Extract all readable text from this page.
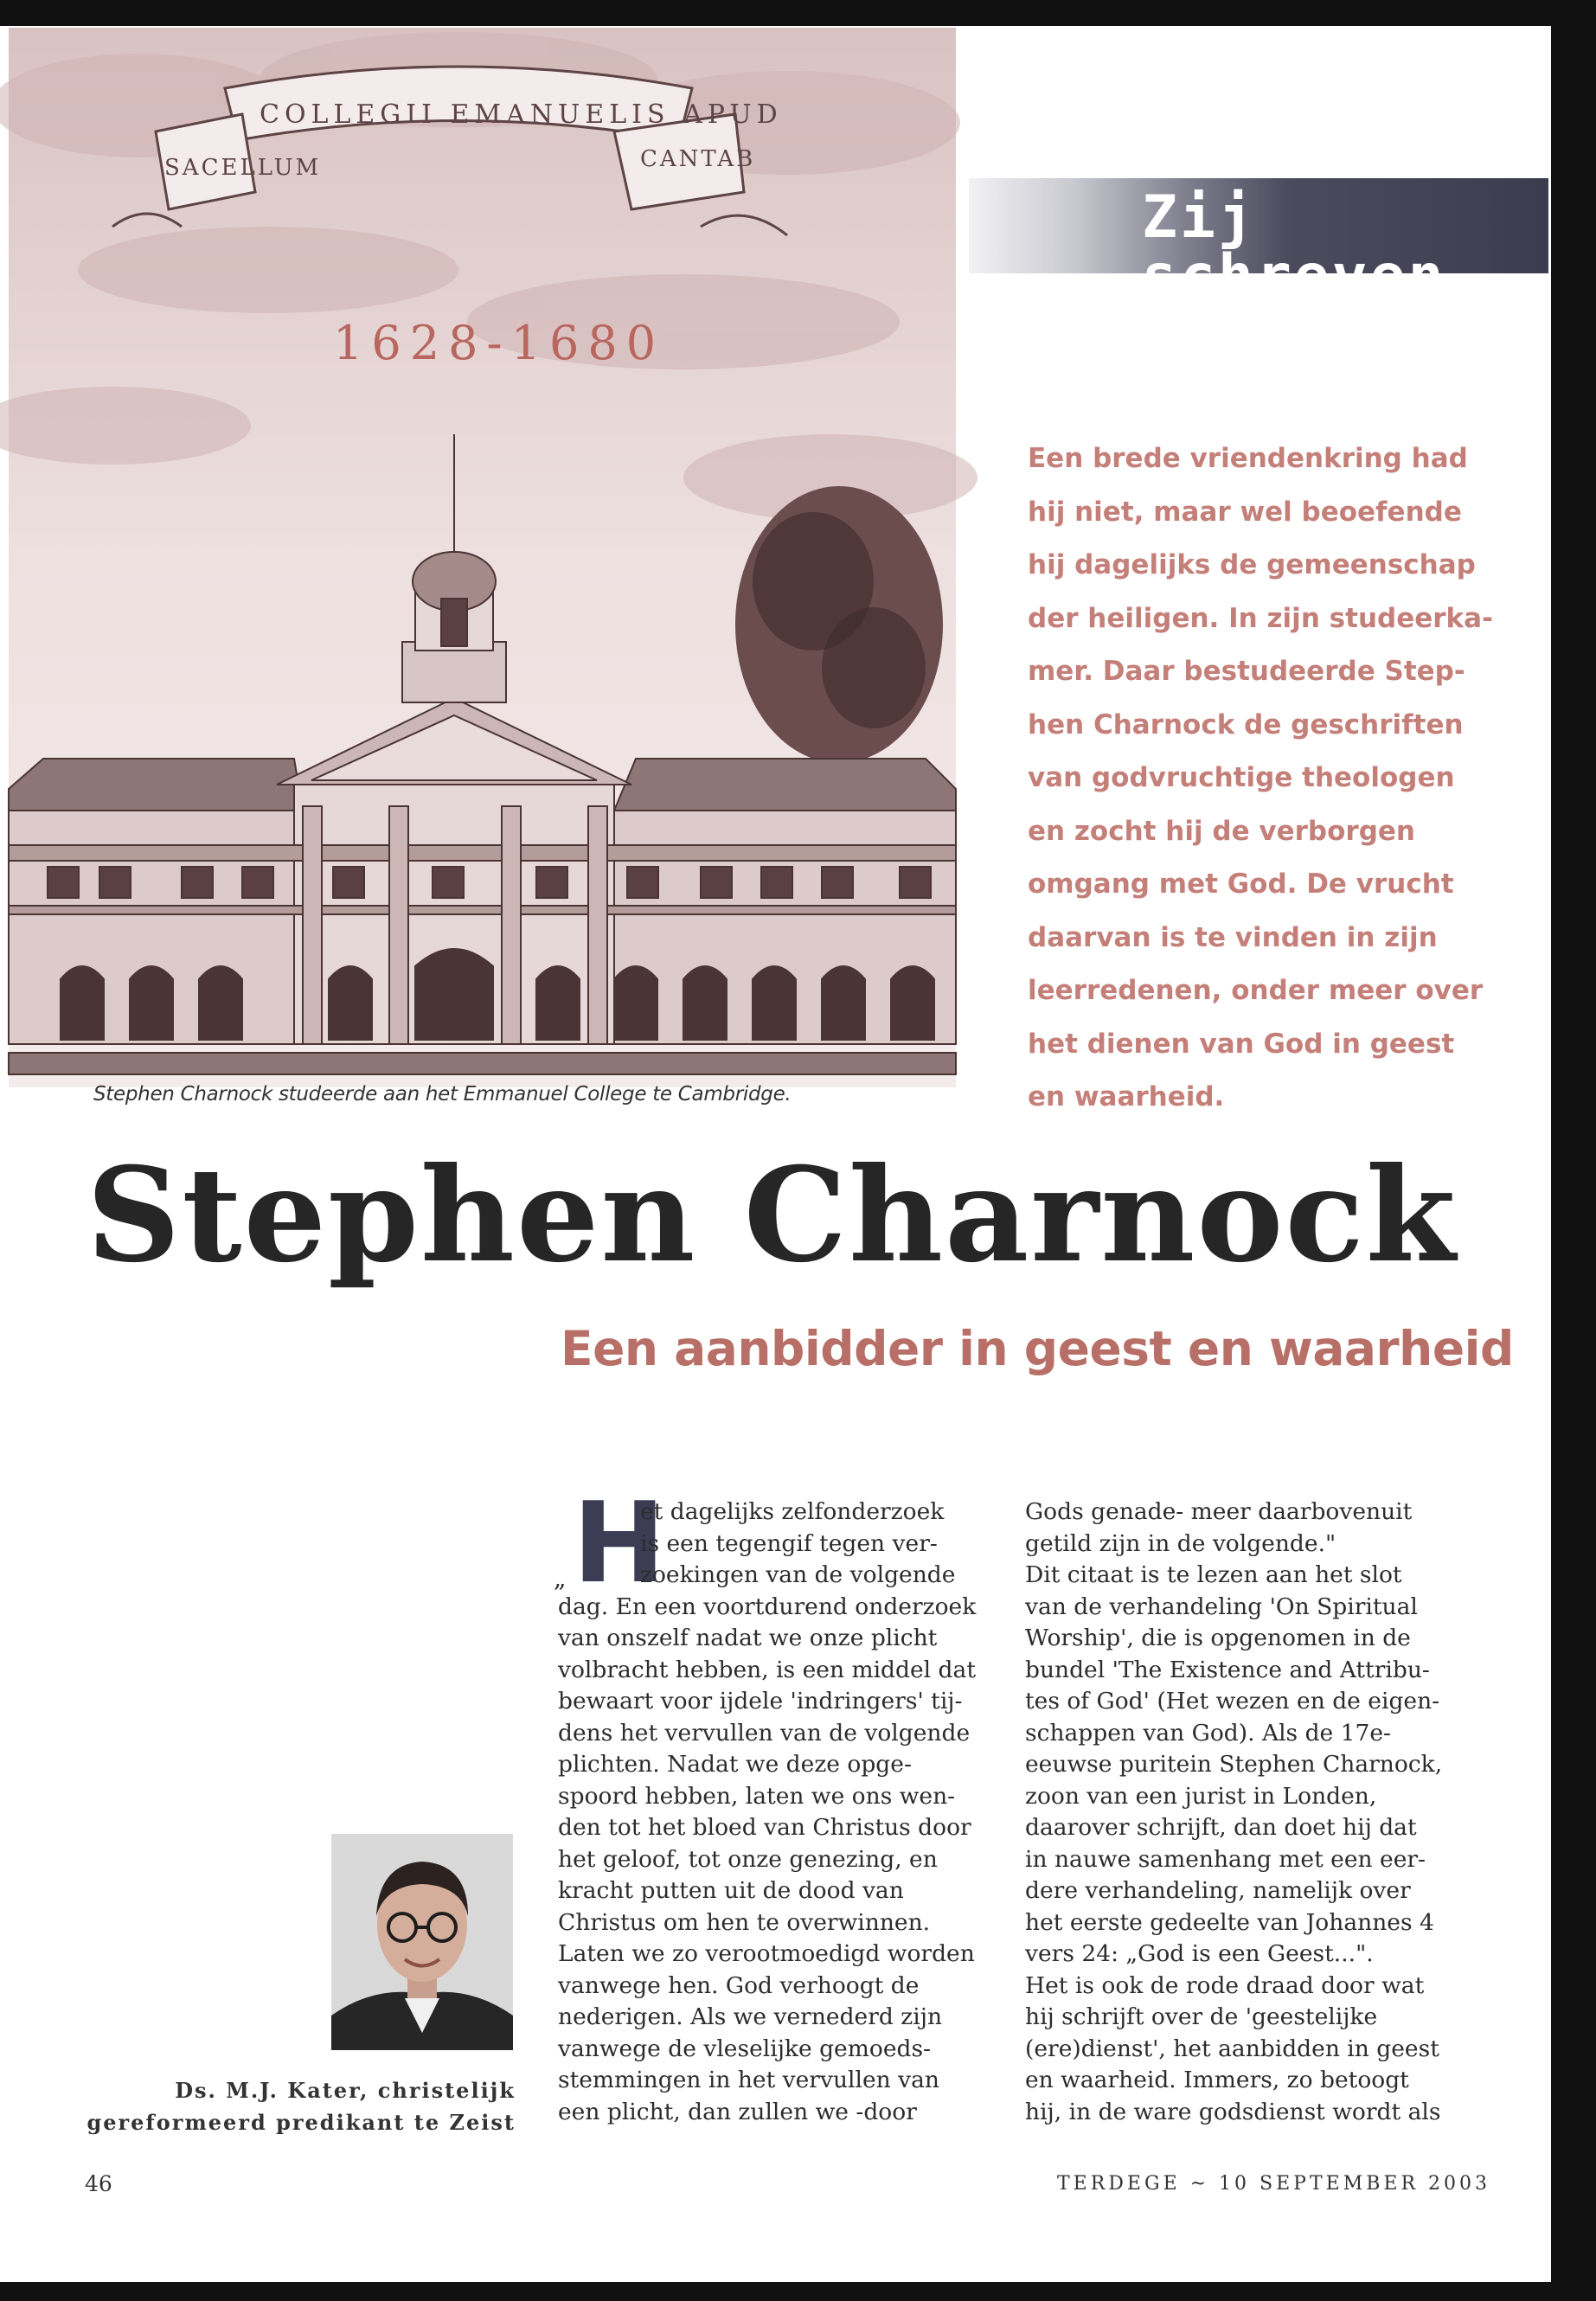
COLLEGII EMANUELIS APUD
SACELLUM	CANTAB
1628-1680
Stephen Charnock studeerde aan het Emmanuel College te Cambridge.
Zij schreven
Een brede vriendenkring had
hij niet, maar wel beoefende
hij dagelijks de gemeenschap
der heiligen. In zijn studeerka-
mer. Daar bestudeerde Step-
hen Charnock de geschriften
van godvruchtige theologen
en zocht hij de verborgen
omgang met God. De vrucht
daarvan is te vinden in zijn
leerredenen, onder meer over
het dienen van God in geest
en waarheid.
Stephen Charnock
Een aanbidder in geest en waarheid
H
„
et dagelijks zelfonderzoek
is een tegengif tegen ver-
zoekingen van de volgende
dag. En een voortdurend onderzoek
van onszelf nadat we onze plicht
volbracht hebben, is een middel dat
bewaart voor ijdele 'indringers' tij-
dens het vervullen van de volgende
plichten. Nadat we deze opge-
spoord hebben, laten we ons wen-
den tot het bloed van Christus door
het geloof, tot onze genezing, en
kracht putten uit de dood van
Christus om hen te overwinnen.
Laten we zo verootmoedigd worden
vanwege hen. God verhoogt de
nederigen. Als we vernederd zijn
vanwege de vleselijke gemoeds-
stemmingen in het vervullen van
een plicht, dan zullen we -door
Gods genade- meer daarbovenuit
getild zijn in de volgende."
Dit citaat is te lezen aan het slot
van de verhandeling 'On Spiritual
Worship', die is opgenomen in de
bundel 'The Existence and Attribu-
tes of God' (Het wezen en de eigen-
schappen van God). Als de 17e-
eeuwse puritein Stephen Charnock,
zoon van een jurist in Londen,
daarover schrijft, dan doet hij dat
in nauwe samenhang met een eer-
dere verhandeling, namelijk over
het eerste gedeelte van Johannes 4
vers 24: „God is een Geest...".
Het is ook de rode draad door wat
hij schrijft over de 'geestelijke
(ere)dienst', het aanbidden in geest
en waarheid. Immers, zo betoogt
hij, in de ware godsdienst wordt als
Ds. M.J. Kater, christelijk
gereformeerd predikant te Zeist
46	TERDEGE ~ 10 SEPTEMBER 2003
